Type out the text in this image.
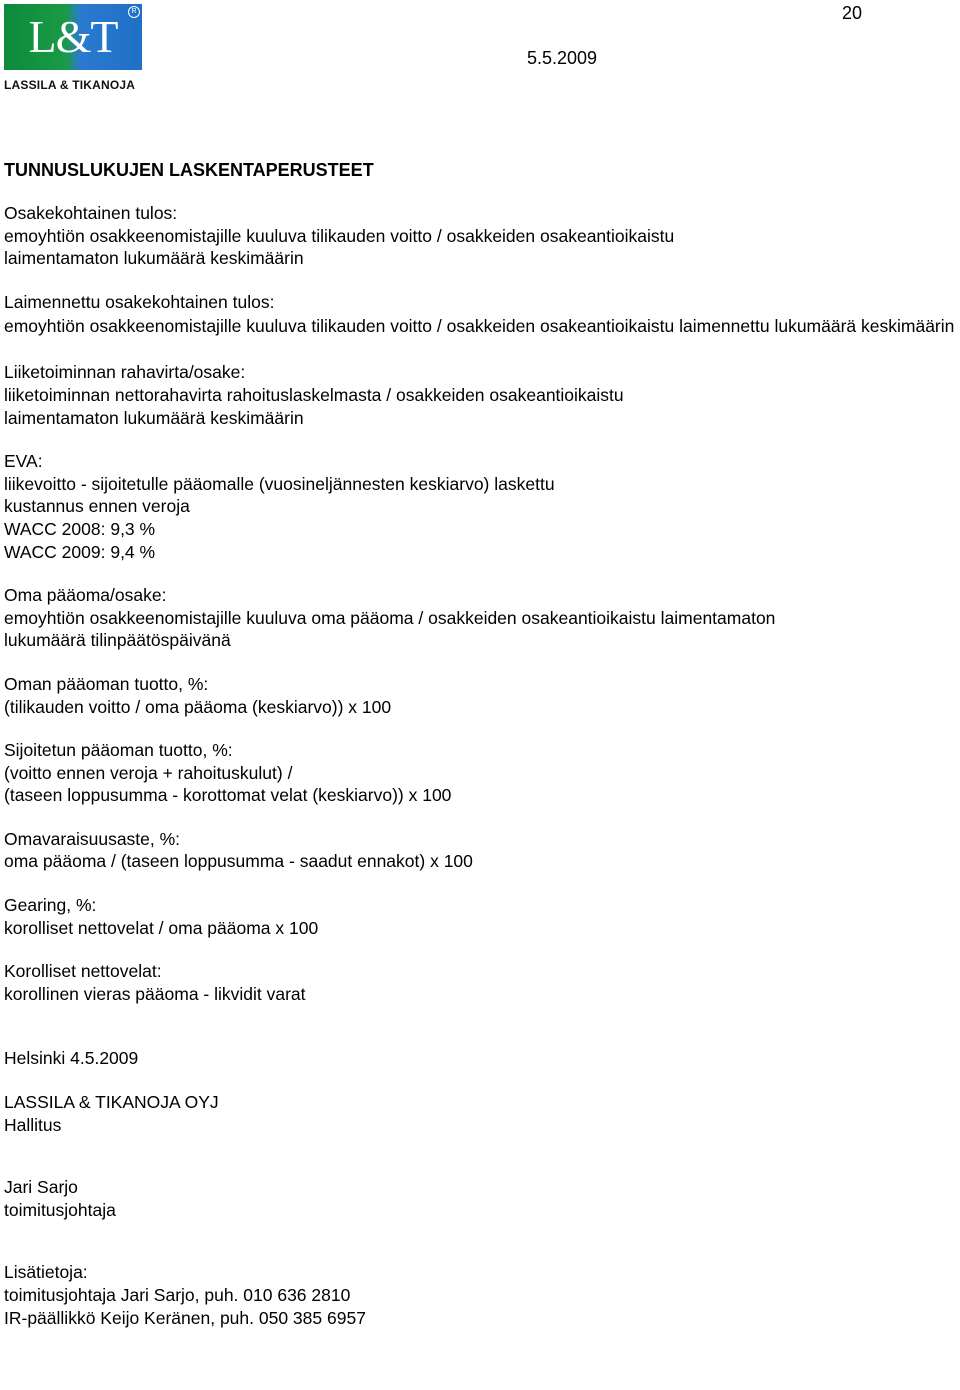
L&T	R
LASSILA & TIKANOJA
20
5.5.2009
TUNNUSLUKUJEN LASKENTAPERUSTEET
Osakekohtainen tulos:
emoyhtiön osakkeenomistajille kuuluva tilikauden voitto / osakkeiden osakeantioikaistu
laimentamaton lukumäärä keskimäärin
Laimennettu osakekohtainen tulos:
emoyhtiön osakkeenomistajille kuuluva tilikauden voitto / osakkeiden osakeantioikaistu laimennettu lukumäärä keskimäärin
Liiketoiminnan rahavirta/osake:
liiketoiminnan nettorahavirta rahoituslaskelmasta / osakkeiden osakeantioikaistu
laimentamaton lukumäärä keskimäärin
EVA:
liikevoitto - sijoitetulle pääomalle (vuosineljännesten keskiarvo) laskettu
kustannus ennen veroja
WACC 2008: 9,3 %
WACC 2009: 9,4 %
Oma pääoma/osake:
emoyhtiön osakkeenomistajille kuuluva oma pääoma / osakkeiden osakeantioikaistu laimentamaton
lukumäärä tilinpäätöspäivänä
Oman pääoman tuotto, %:
(tilikauden voitto / oma pääoma (keskiarvo)) x 100
Sijoitetun pääoman tuotto, %:
(voitto ennen veroja + rahoituskulut) /
(taseen loppusumma - korottomat velat (keskiarvo)) x 100
Omavaraisuusaste, %:
oma pääoma / (taseen loppusumma - saadut ennakot) x 100
Gearing, %:
korolliset nettovelat / oma pääoma x 100
Korolliset nettovelat:
korollinen vieras pääoma - likvidit varat
Helsinki 4.5.2009
LASSILA & TIKANOJA OYJ
Hallitus
Jari Sarjo
toimitusjohtaja
Lisätietoja:
toimitusjohtaja Jari Sarjo, puh. 010 636 2810
IR-päällikkö Keijo Keränen, puh. 050 385 6957
